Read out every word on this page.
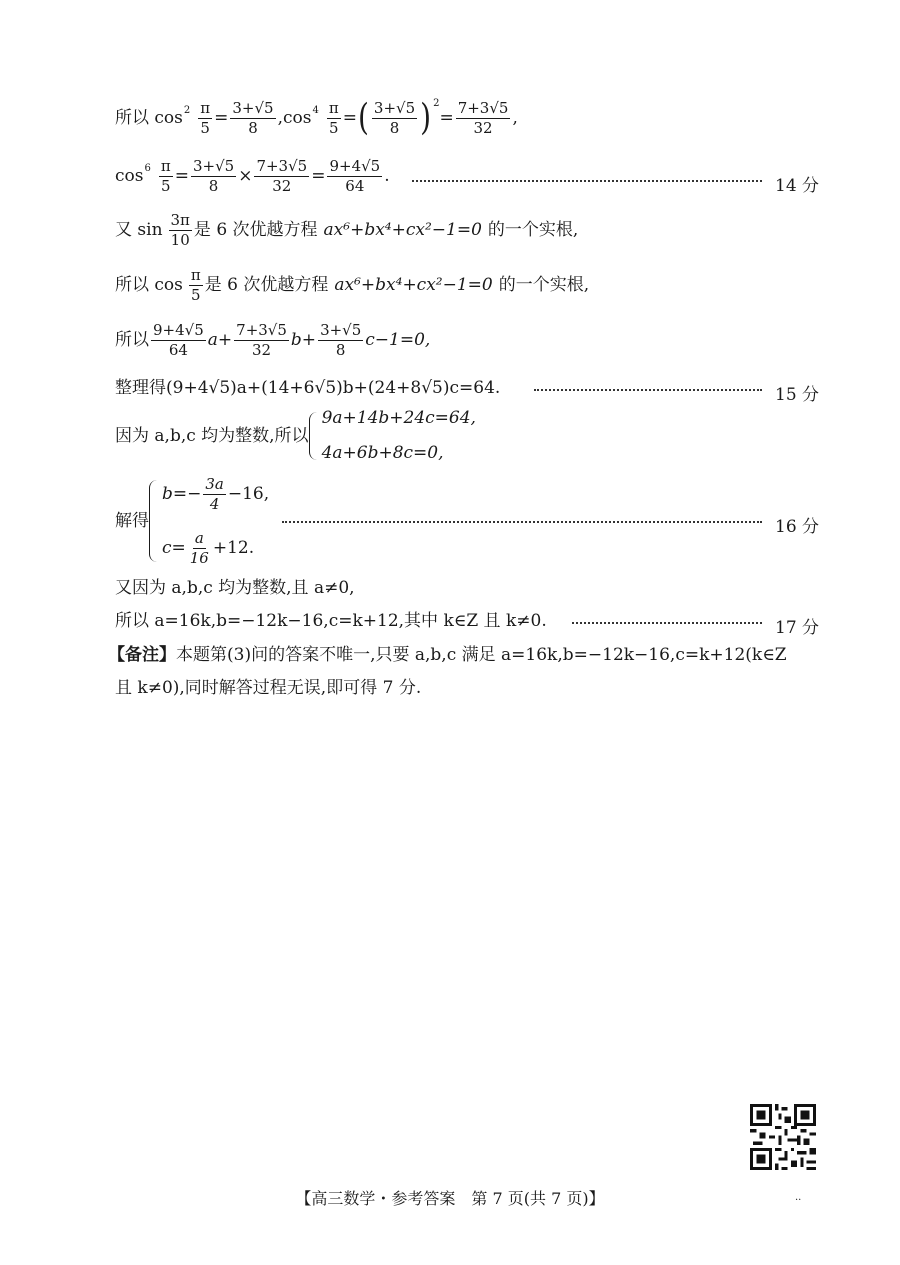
所以 $\cos 2 \frac{\pi}{5} = \frac{3+√5}{8} ,\cos$ $4 \frac{\pi}{5}$ = ( $\frac{3+√5}{8}$ ) 2
= $\frac{7+3√5}{32}$ ,
$\cos 6 \frac{\pi}{5} = \frac{3+√5}{8} \times \frac{7+3√5}{32} = \frac{9+4√5}{64}$ .
14 分
又 $\sin \frac{3\pi}{10}$ 是 6 次优越方程 ax⁶+bx⁴+cx²−1=0 的一个实根,
所以 $\cos \frac{\pi}{5}$ 是 6 次优越方程 ax⁶+bx⁴+cx²−1=0 的一个实根,
所以 $\frac{9+4√5}{64} a+ \frac{7+3√5}{32} b+ \frac{3+√5}{8} c-1=0$,
整理得(9+4√5)a+(14+6√5)b+(24+8√5)c=64.	15 分
因为 a,b,c 均为整数,所以
9a+14b+24c=64,
4a+6b+8c=0,
解得
$b=- \frac{3a}{4} -16$,
$c= \frac{a}{16} +12$.
16 分
又因为 a,b,c 均为整数,且 a≠0,
所以 a=16k,b=−12k−16,c=k+12,其中 k∈Z 且 k≠0.	17 分
【备注】 本题第(3)问的答案不唯一,只要 a,b,c 满足 a=16k,b=−12k−16,c=k+12(k∈Z
且 k≠0),同时解答过程无误,即可得 7 分.
【高三数学・参考答案　第 7 页(共 7 页)】	..
